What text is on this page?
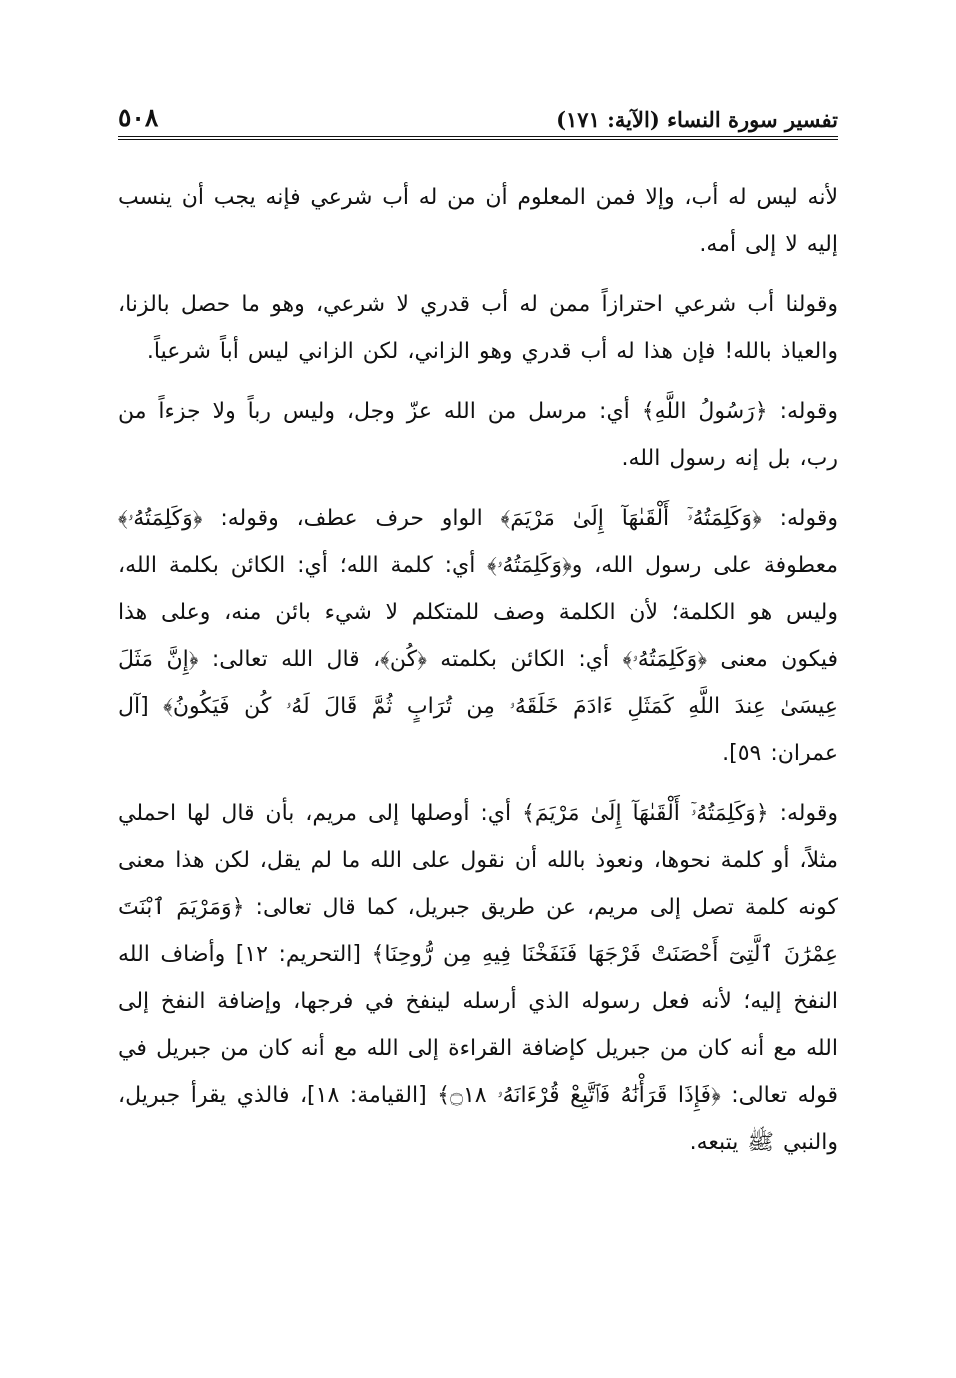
تفسير سورة النساء (الآية: ١٧١)
٥٠٨

لأنه ليس له أب، وإلا فمن المعلوم أن من له أب شرعي فإنه يجب أن ينسب إليه لا إلى أمه.

وقولنا أب شرعي احترازاً ممن له أب قدري لا شرعي، وهو ما حصل بالزنا، والعياذ بالله! فإن هذا له أب قدري وهو الزاني، لكن الزاني ليس أباً شرعياً.

وقوله: ﴿رَسُولُ اللَّهِ﴾ أي: مرسل من الله عزّ وجل، وليس رباً ولا جزءاً من رب، بل إنه رسول الله.

وقوله: ﴿وَكَلِمَتُهُۥٓ أَلْقَىٰهَآ إِلَىٰ مَرْيَمَ﴾ الواو حرف عطف، وقوله: ﴿وَكَلِمَتُهُۥ﴾ معطوفة على رسول الله، و﴿وَكَلِمَتُهُۥ﴾ أي: كلمة الله؛ أي: الكائن بكلمة الله، وليس هو الكلمة؛ لأن الكلمة وصف للمتكلم لا شيء بائن منه، وعلى هذا فيكون معنى ﴿وَكَلِمَتُهُۥ﴾ أي: الكائن بكلمته ﴿كُن﴾، قال الله تعالى: ﴿إِنَّ مَثَلَ عِيسَىٰ عِندَ اللَّهِ كَمَثَلِ ءَادَمَ خَلَقَهُۥ مِن تُرَابٍ ثُمَّ قَالَ لَهُۥ كُن فَيَكُونُ﴾ [آل عمران: ٥٩].

وقوله: ﴿وَكَلِمَتُهُۥٓ أَلْقَىٰهَآ إِلَىٰ مَرْيَمَ﴾ أي: أوصلها إلى مريم، بأن قال لها احملي مثلاً، أو كلمة نحوها، ونعوذ بالله أن نقول على الله ما لم يقل، لكن هذا معنى كونه كلمة تصل إلى مريم، عن طريق جبريل، كما قال تعالى: ﴿وَمَرْيَمَ ٱبْنَتَ عِمْرَٰنَ ٱلَّتِىٓ أَحْصَنَتْ فَرْجَهَا فَنَفَخْنَا فِيهِ مِن رُّوحِنَا﴾ [التحريم: ١٢] وأضاف الله النفخ إليه؛ لأنه فعل رسوله الذي أرسله لينفخ في فرجها، وإضافة النفخ إلى الله مع أنه كان من جبريل كإضافة القراءة إلى الله مع أنه كان من جبريل في قوله تعالى: ﴿فَإِذَا قَرَأْنَٰهُ فَٱتَّبِعْ قُرْءَانَهُۥ ۝١٨﴾ [القيامة: ١٨]، فالذي يقرأ جبريل، والنبي ﷺ يتبعه.
